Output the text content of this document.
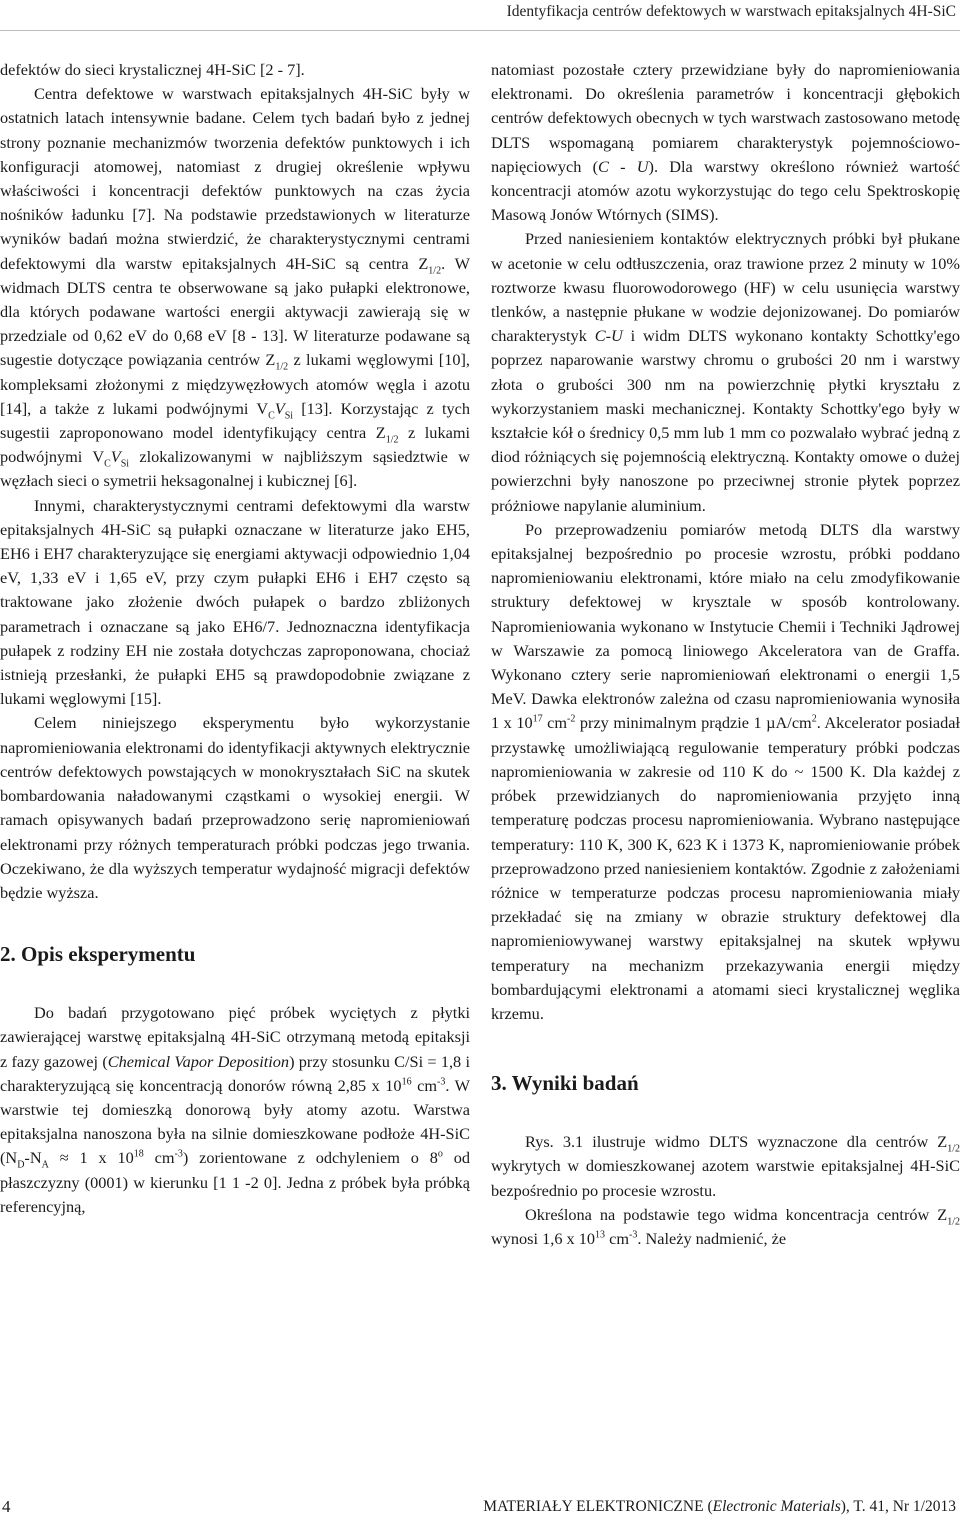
Identyfikacja centrów defektowych w warstwach epitaksjalnych 4H-SiC

defektów do sieci krystalicznej 4H-SiC [2 - 7].

Centra defektowe w warstwach epitaksjalnych 4H-SiC były w ostatnich latach intensywnie badane. Celem tych badań było z jednej strony poznanie mechanizmów tworzenia defektów punktowych i ich konfiguracji atomowej, natomiast z drugiej określenie wpływu właściwości i koncentracji defektów punktowych na czas życia nośników ładunku [7]. Na podstawie przedstawionych w literaturze wyników badań można stwierdzić, że charakterystycznymi centrami defektowymi dla warstw epitaksjalnych 4H-SiC są centra $Z_{1/2}$. W widmach DLTS centra te obserwowane są jako pułapki elektronowe, dla których podawane wartości energii aktywacji zawierają się w przedziale od 0,62 eV do 0,68 eV [8 - 13]. W literaturze podawane są sugestie dotyczące powiązania centrów $Z_{1/2}$ z lukami węglowymi [10], kompleksami złożonymi z międzywęzłowych atomów węgla i azotu [14], a także z lukami podwójnymi $V_CV_{Si}$ [13]. Korzystając z tych sugestii zaproponowano model identyfikujący centra $Z_{1/2}$ z lukami podwójnymi $V_CV_{Si}$ zlokalizowanymi w najbliższym sąsiedztwie w węzłach sieci o symetrii heksagonalnej i kubicznej [6].

Innymi, charakterystycznymi centrami defektowymi dla warstw epitaksjalnych 4H-SiC są pułapki oznaczane w literaturze jako EH5, EH6 i EH7 charakteryzujące się energiami aktywacji odpowiednio 1,04 eV, 1,33 eV i 1,65 eV, przy czym pułapki EH6 i EH7 często są traktowane jako złożenie dwóch pułapek o bardzo zbliżonych parametrach i oznaczane są jako EH6/7. Jednoznaczna identyfikacja pułapek z rodziny EH nie została dotychczas zaproponowana, chociaż istnieją przesłanki, że pułapki EH5 są prawdopodobnie związane z lukami węglowymi [15].

Celem niniejszego eksperymentu było wykorzystanie napromieniowania elektronami do identyfikacji aktywnych elektrycznie centrów defektowych powstających w monokryształach SiC na skutek bombardowania naładowanymi cząstkami o wysokiej energii. W ramach opisywanych badań przeprowadzono serię napromieniowań elektronami przy różnych temperaturach próbki podczas jego trwania. Oczekiwano, że dla wyższych temperatur wydajność migracji defektów będzie wyższa.

2. Opis eksperymentu

Do badań przygotowano pięć próbek wyciętych z płytki zawierającej warstwę epitaksjalną 4H-SiC otrzymaną metodą epitaksji z fazy gazowej (Chemical Vapor Deposition) przy stosunku C/Si = 1,8 i charakteryzującą się koncentracją donorów równą 2,85 x $10^{16}$ $cm^{-3}$. W warstwie tej domieszką donorową były atomy azotu. Warstwa epitaksjalna nanoszona była na silnie domieszkowane podłoże 4H-SiC ($N_D-N_A \approx 1$ x $10^{18}$ $cm^{-3}$) zorientowane z odchyleniem o 8$^o$ od płaszczyzny (0001) w kierunku [1 1 -2 0]. Jedna z próbek była próbką referencyjną,

natomiast pozostałe cztery przewidziane były do napromieniowania elektronami. Do określenia parametrów i koncentracji głębokich centrów defektowych obecnych w tych warstwach zastosowano metodę DLTS wspomaganą pomiarem charakterystyk pojemnościowo-napięciowych (C - U). Dla warstwy określono również wartość koncentracji atomów azotu wykorzystując do tego celu Spektroskopię Masową Jonów Wtórnych (SIMS).

Przed naniesieniem kontaktów elektrycznych próbki był płukane w acetonie w celu odtłuszczenia, oraz trawione przez 2 minuty w 10% roztworze kwasu fluorowodorowego (HF) w celu usunięcia warstwy tlenków, a następnie płukane w wodzie dejonizowanej. Do pomiarów charakterystyk C-U i widm DLTS wykonano kontakty Schottky'ego poprzez naparowanie warstwy chromu o grubości 20 nm i warstwy złota o grubości 300 nm na powierzchnię płytki kryształu z wykorzystaniem maski mechanicznej. Kontakty Schottky'ego były w kształcie kół o średnicy 0,5 mm lub 1 mm co pozwalało wybrać jedną z diod różniących się pojemnością elektryczną. Kontakty omowe o dużej powierzchni były nanoszone po przeciwnej stronie płytek poprzez próżniowe napylanie aluminium.

Po przeprowadzeniu pomiarów metodą DLTS dla warstwy epitaksjalnej bezpośrednio po procesie wzrostu, próbki poddano napromieniowaniu elektronami, które miało na celu zmodyfikowanie struktury defektowej w krysztale w sposób kontrolowany. Napromieniowania wykonano w Instytucie Chemii i Techniki Jądrowej w Warszawie za pomocą liniowego Akceleratora van de Graffa. Wykonano cztery serie napromieniowań elektronami o energii 1,5 MeV. Dawka elektronów zależna od czasu napromieniowania wynosiła 1 x $10^{17}$ $cm^{-2}$ przy minimalnym prądzie 1 $\mu A/cm^2$. Akcelerator posiadał przystawkę umożliwiającą regulowanie temperatury próbki podczas napromieniowania w zakresie od 110 K do ~ 1500 K. Dla każdej z próbek przewidzianych do napromieniowania przyjęto inną temperaturę podczas procesu napromieniowania. Wybrano następujące temperatury: 110 K, 300 K, 623 K i 1373 K, napromieniowanie próbek przeprowadzono przed naniesieniem kontaktów. Zgodnie z założeniami różnice w temperaturze podczas procesu napromieniowania miały przekładać się na zmiany w obrazie struktury defektowej dla napromieniowywanej warstwy epitaksjalnej na skutek wpływu temperatury na mechanizm przekazywania energii między bombardującymi elektronami a atomami sieci krystalicznej węglika krzemu.

3. Wyniki badań

Rys. 3.1 ilustruje widmo DLTS wyznaczone dla centrów $Z_{1/2}$ wykrytych w domieszkowanej azotem warstwie epitaksjalnej 4H-SiC bezpośrednio po procesie wzrostu.

Określona na podstawie tego widma koncentracja centrów $Z_{1/2}$ wynosi 1,6 x $10^{13}$ $cm^{-3}$. Należy nadmienić, że

4	MATERIAŁY ELEKTRONICZNE (Electronic Materials), T. 41, Nr 1/2013
